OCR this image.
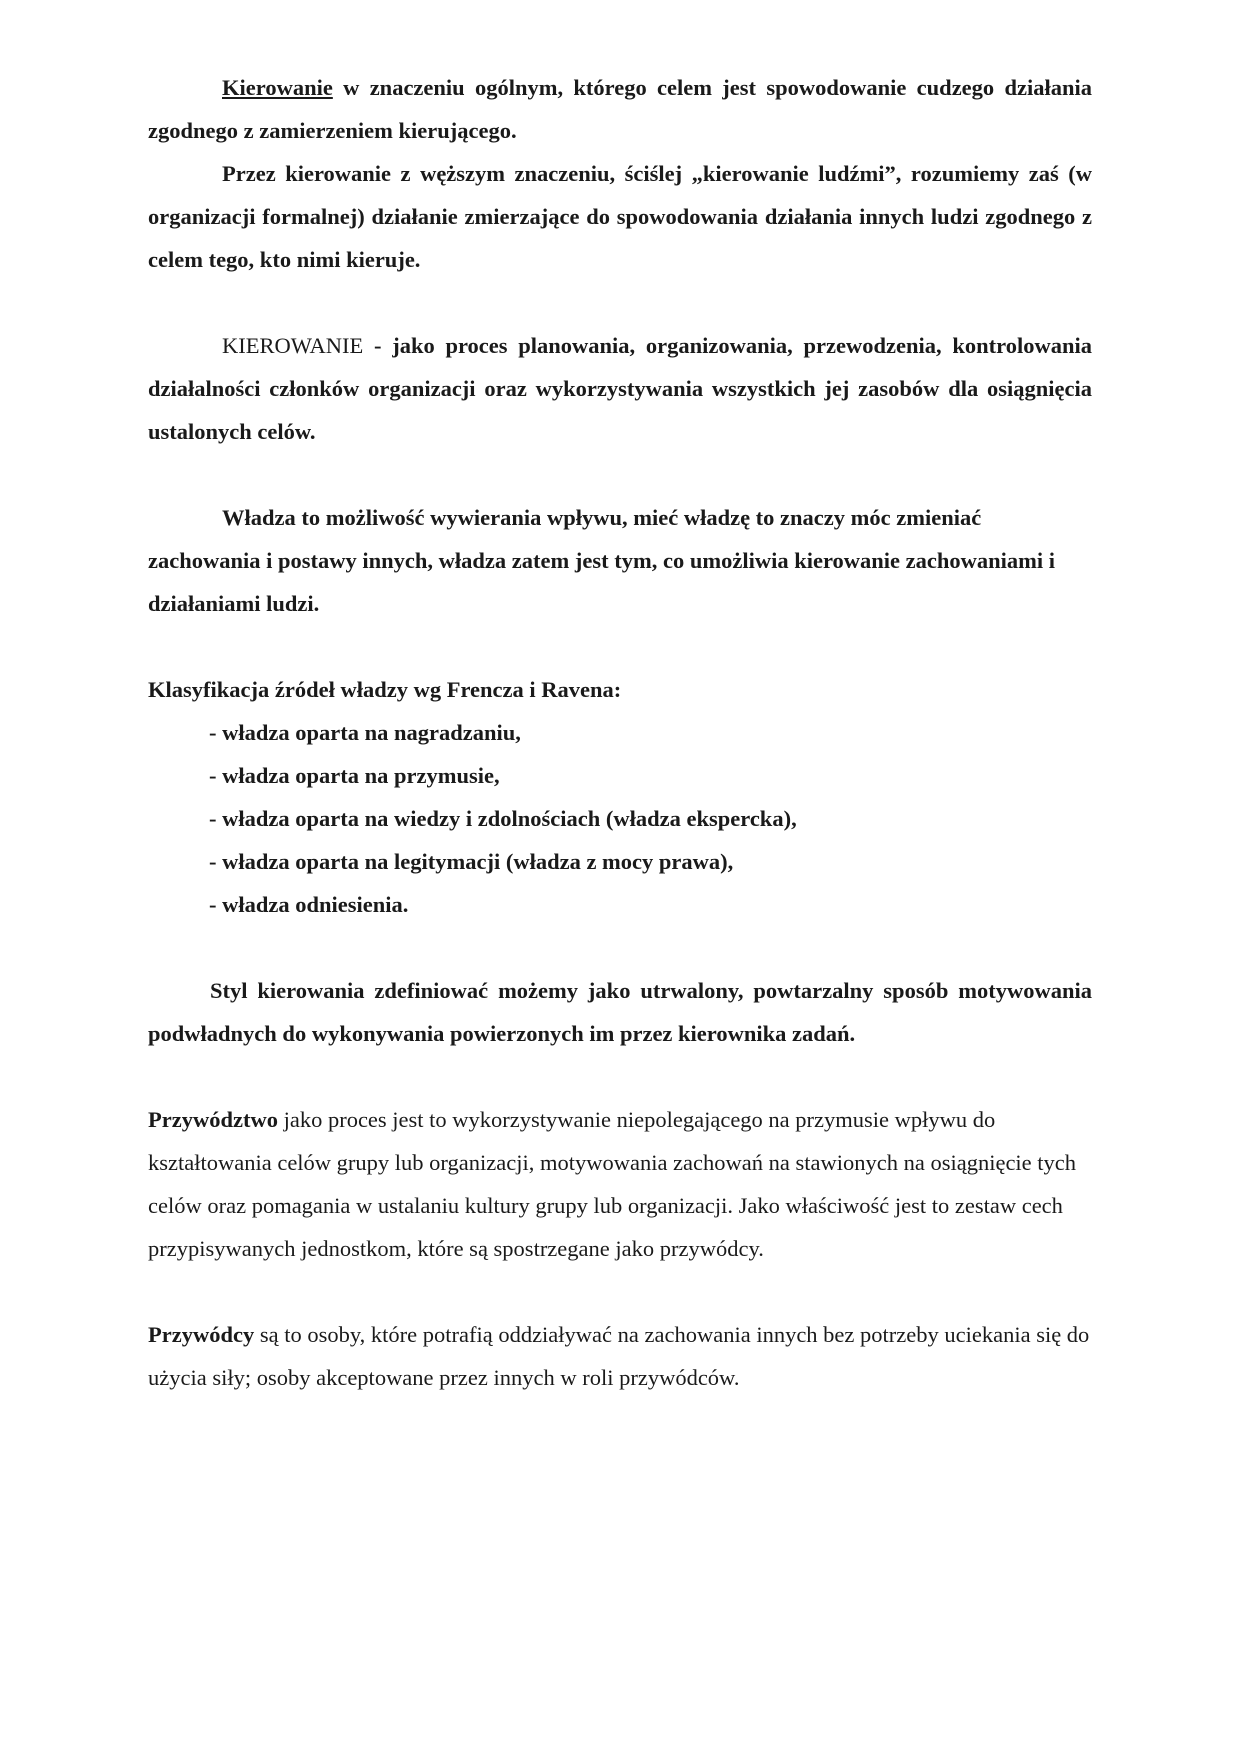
Kierowanie w znaczeniu ogólnym, którego celem jest spowodowanie cudzego działania zgodnego z zamierzeniem kierującego.

Przez kierowanie z węższym znaczeniu, ściślej „kierowanie ludźmi”, rozumiemy zaś (w organizacji formalnej) działanie zmierzające do spowodowania działania innych ludzi zgodnego z celem tego, kto nimi kieruje.

KIEROWANIE - jako proces planowania, organizowania, przewodzenia, kontrolowania działalności członków organizacji oraz wykorzystywania wszystkich jej zasobów dla osiągnięcia ustalonych celów.

Władza to możliwość wywierania wpływu, mieć władzę to znaczy móc zmieniać zachowania i postawy innych, władza zatem jest tym, co umożliwia kierowanie zachowaniami i działaniami ludzi.

Klasyfikacja źródeł władzy wg Frencza i Ravena:

- władza oparta na nagradzaniu,
- władza oparta na przymusie,
- władza oparta na wiedzy i zdolnościach (władza ekspercka),
- władza oparta na legitymacji (władza z mocy prawa),
- władza odniesienia.

Styl kierowania zdefiniować możemy jako utrwalony, powtarzalny sposób motywowania podwładnych do wykonywania powierzonych im przez kierownika zadań.

Przywództwo jako proces jest to wykorzystywanie niepolegającego na przymusie wpływu do kształtowania celów grupy lub organizacji, motywowania zachowań na stawionych na osiągnięcie tych celów oraz pomagania w ustalaniu kultury grupy lub organizacji. Jako właściwość jest to zestaw cech przypisywanych jednostkom, które są spostrzegane jako przywódcy.

Przywódcy są to osoby, które potrafią oddziaływać na zachowania innych bez potrzeby uciekania się do użycia siły; osoby akceptowane przez innych w roli przywódców.
